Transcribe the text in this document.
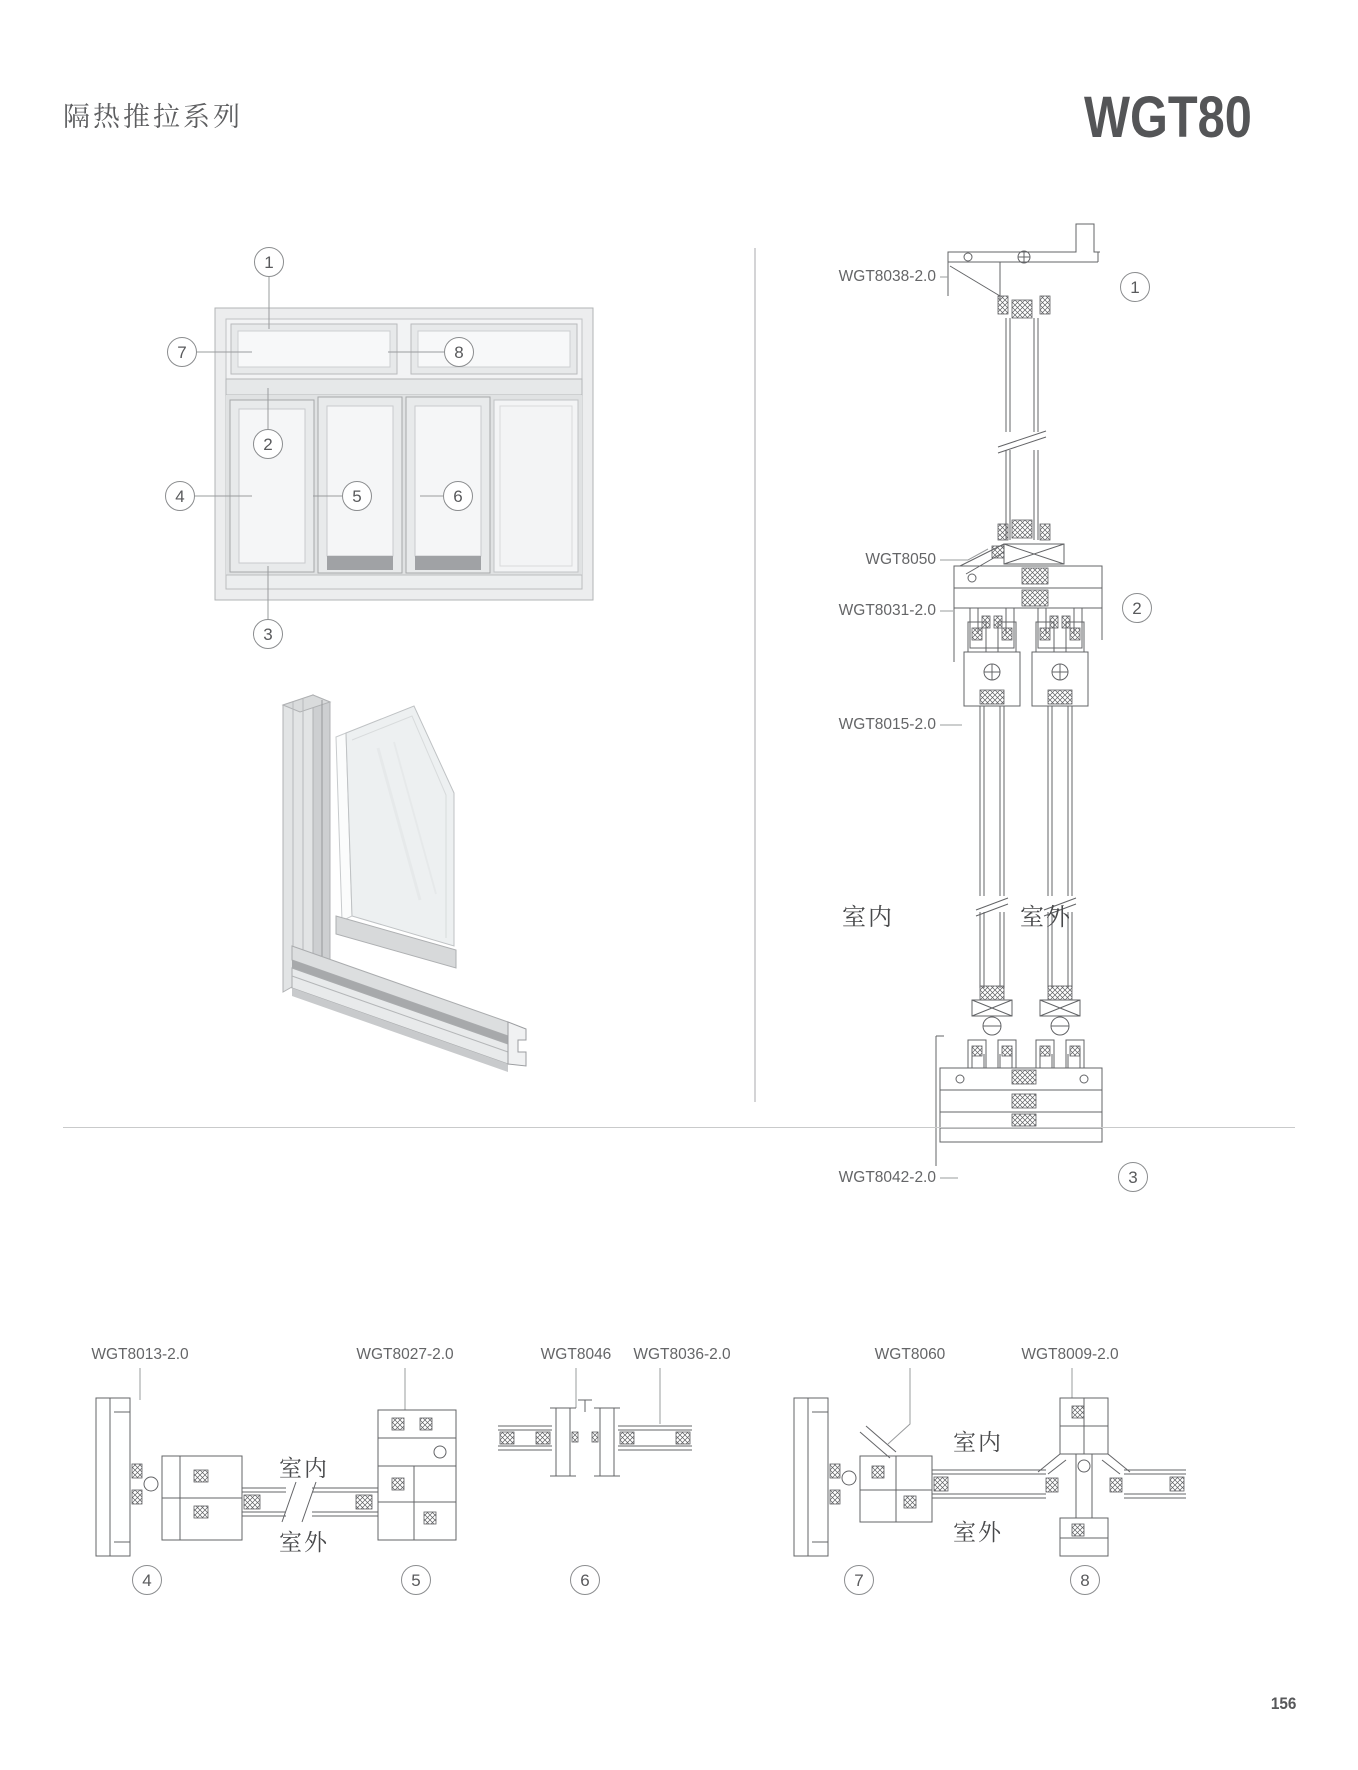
隔热推拉系列	WGT80
1
7	8
2
4	5	6
3
WGT8038-2.0
WGT8050
WGT8031-2.0
WGT8015-2.0
WGT8042-2.0
1
2
3
室内	室外
WGT8013-2.0	WGT8027-2.0	WGT8046	WGT8036-2.0	WGT8060	WGT8009-2.0
室内
室外
室内
室外
4	5	6	7	8
156
